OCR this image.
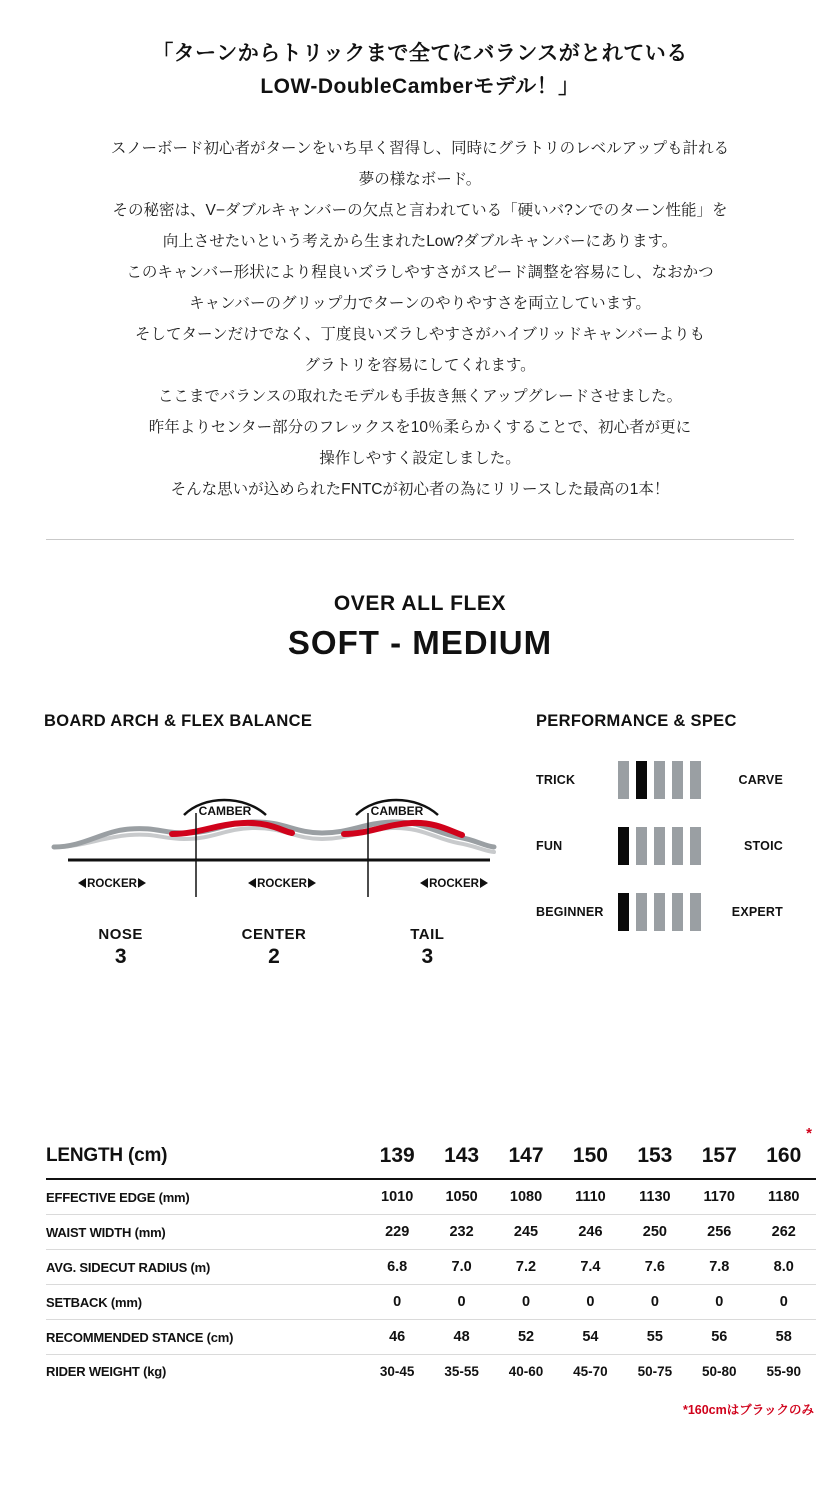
「ターンからトリックまで全てにバランスがとれている
LOW-DoubleCamberモデル！」

スノーボード初心者がターンをいち早く習得し、同時にグラトリのレベルアップも計れる

夢の様なボード。

その秘密は、V−ダブルキャンバーの欠点と言われている「硬いバ?ンでのターン性能」を

向上させたいという考えから生まれたLow?ダブルキャンバーにあります。

このキャンバー形状により程良いズラしやすさがスピード調整を容易にし、なおかつ

キャンバーのグリップ力でターンのやりやすさを両立しています。

そしてターンだけでなく、丁度良いズラしやすさがハイブリッドキャンバーよりも

グラトリを容易にしてくれます。

ここまでバランスの取れたモデルも手抜き無くアップグレードさせました。

昨年よりセンター部分のフレックスを10％柔らかくすることで、初心者が更に

操作しやすく設定しました。

そんな思いが込められたFNTCが初心者の為にリリースした最高の1本！

OVER ALL FLEX
SOFT - MEDIUM
BOARD ARCH & FLEX BALANCE
CAMBER	CAMBER
ROCKER	ROCKER	ROCKER
NOSE
3
CENTER
2
TAIL
3
PERFORMANCE & SPEC
TRICK	CARVE
FUN	STOIC
BEGINNER	EXPERT
*
LENGTH (cm)	139	143	147	150	153	157	160
EFFECTIVE EDGE (mm)	1010	1050	1080	1110	1130	1170	1180
WAIST WIDTH (mm)	229	232	245	246	250	256	262
AVG. SIDECUT RADIUS (m)	6.8	7.0	7.2	7.4	7.6	7.8	8.0
SETBACK (mm)	0	0	0	0	0	0	0
RECOMMENDED STANCE (cm)	46	48	52	54	55	56	58
RIDER WEIGHT (kg)	30-45	35-55	40-60	45-70	50-75	50-80	55-90
*160cmはブラックのみ
